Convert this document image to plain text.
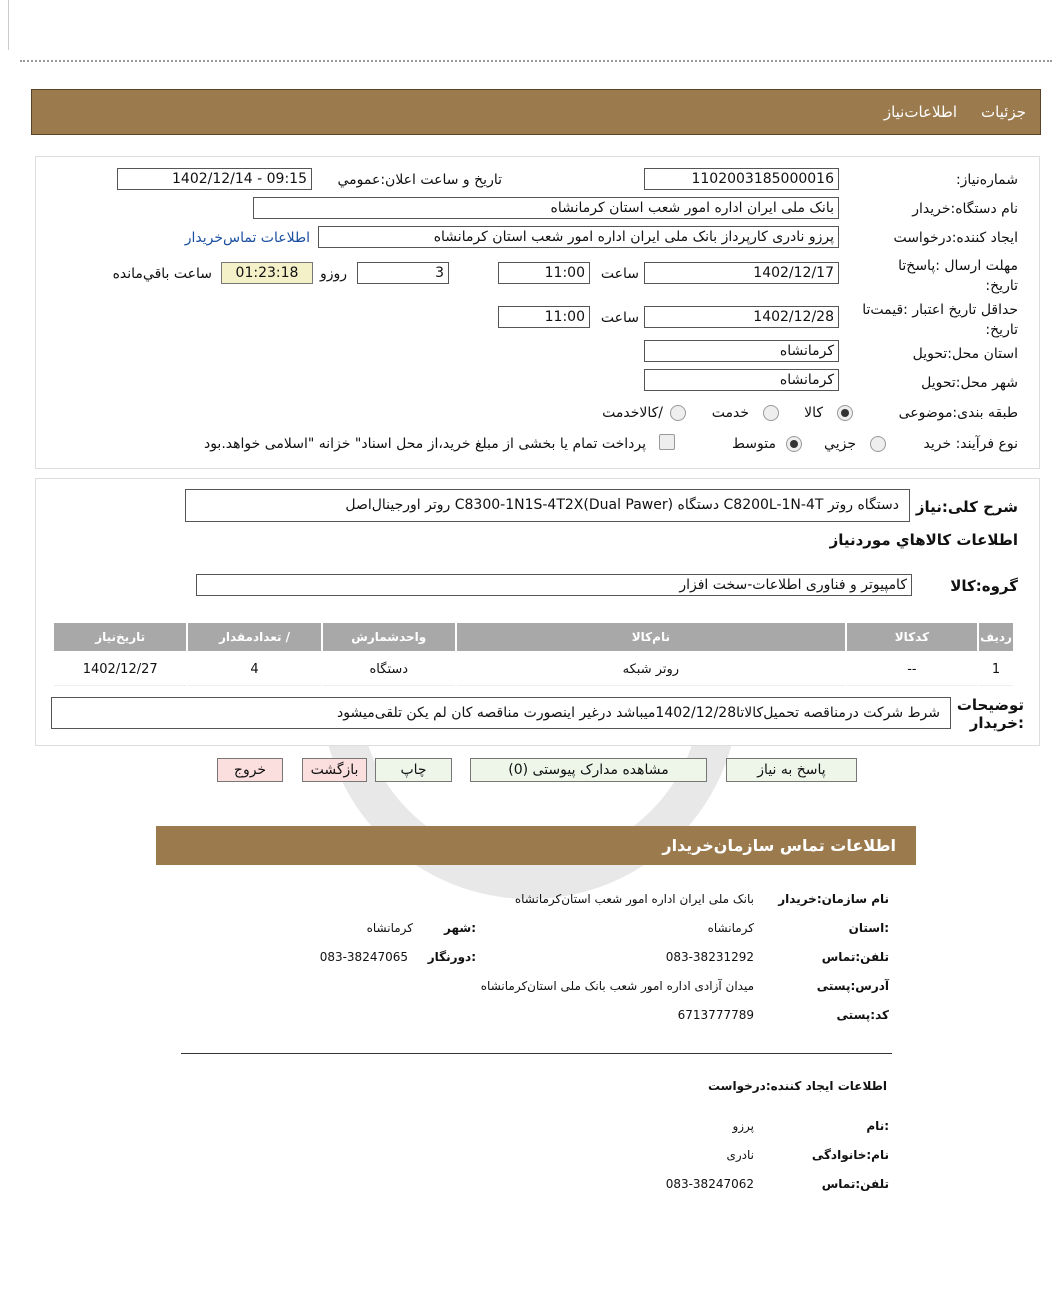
جزئیات
اطلاعات‌نیاز
شماره‌نیاز:
1102003185000016
تاریخ و ساعت اعلان:عمومي
1402/12/14 - 09:15
نام دستگاه:خریدار
بانک ملی ایران اداره امور شعب استان کرمانشاه
ایجاد کننده:درخواست
پرزو نادری کارپرداز بانک ملی ایران اداره امور شعب استان کرمانشاه
اطلاعات تماس‌خریدار
مهلت ارسال :پاسخ‌تا تاریخ:
1402/12/17
ساعت
11:00
3
روزو
01:23:18
ساعت باقي‌مانده
حداقل تاریخ اعتبار :قیمت‌تا تاریخ:
1402/12/28
ساعت
11:00
استان محل:تحویل
کرمانشاه
شهر محل:تحویل
کرمانشاه
طبقه بندی:موضوعی
کالا
خدمت
/کالاخدمت
نوع فرآیند: خرید
جزیي
متوسط
پرداخت تمام یا بخشی از مبلغ خرید،از محل اسناد" خزانه "اسلامی خواهد.بود
شرح کلی:نیاز
دستگاه روتر C8200L-1N-4T دستگاه C8300-1N1S-4T2X(Dual Pawer) روتر اورجینال‌اصل
اطلاعات کالاهاي موردنیاز
گروه:کالا
کامپیوتر و فناوری اطلاعات-سخت افزار
ردیف	کدکالا	نام‌کالا	واحدشمارش	/ تعدادمقدار	تاریخ‌نیاز
1	--	روتر شبکه	دستگاه	4	1402/12/27
توضیحات :خریدار
شرط شرکت درمناقصه تحمیل‌کالاتا1402/12/28میباشد درغیر اینصورت مناقصه کان لم یکن تلقی‌میشود
پاسخ به نیاز
مشاهده مدارک پیوستی (0)
چاپ
بازگشت
خروج
اطلاعات تماس سازمان‌خریدار
نام سازمان:خریدار
بانک ملی ایران اداره امور شعب استان‌کرمانشاه
:استان
کرمانشاه
:شهر
کرمانشاه
تلفن:تماس
083-38231292
:دورنگار
083-38247065
آدرس:پستی
میدان آزادی اداره امور شعب بانک ملی استان‌کرمانشاه
کد:پستی
6713777789
اطلاعات ایجاد کننده:درخواست
:نام
پرزو
نام:خانوادگی
نادری
تلفن:تماس
083-38247062
